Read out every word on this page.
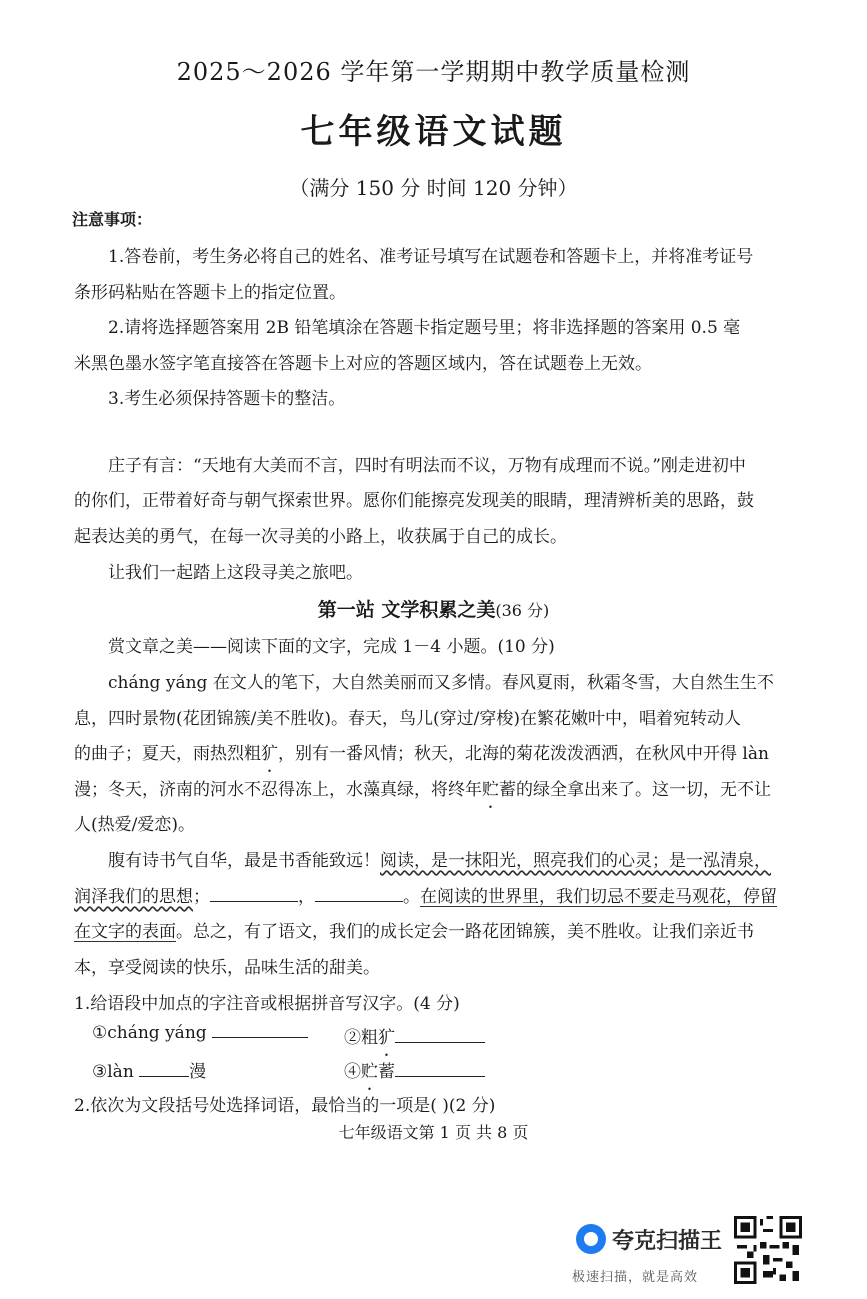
2025～2026 学年第一学期期中教学质量检测
七年级语文试题
（满分 150 分 时间 120 分钟）
注意事项：
1.答卷前，考生务必将自己的姓名、准考证号填写在试题卷和答题卡上，并将准考证号
条形码粘贴在答题卡上的指定位置。
2.请将选择题答案用 2B 铅笔填涂在答题卡指定题号里；将非选择题的答案用 0.5 毫
米黑色墨水签字笔直接答在答题卡上对应的答题区域内，答在试题卷上无效。
3.考生必须保持答题卡的整洁。
庄子有言：“天地有大美而不言，四时有明法而不议，万物有成理而不说。”刚走进初中
的你们，正带着好奇与朝气探索世界。愿你们能擦亮发现美的眼睛，理清辨析美的思路，鼓
起表达美的勇气，在每一次寻美的小路上，收获属于自己的成长。
让我们一起踏上这段寻美之旅吧。
第一站 文学积累之美(36 分)
赏文章之美——阅读下面的文字，完成 1－4 小题。(10 分)
cháng yáng 在文人的笔下，大自然美丽而又多情。春风夏雨，秋霜冬雪，大自然生生不
息，四时景物(花团锦簇/美不胜收)。春天，鸟儿(穿过/穿梭)在繁花嫩叶中，唱着宛转动人
的曲子；夏天，雨热烈粗犷，别有一番风情；秋天，北海的菊花泼泼洒洒，在秋风中开得 làn
漫；冬天，济南的河水不忍得冻上，水藻真绿，将终年贮蓄的绿全拿出来了。这一切，无不让
人(热爱/爱恋)。
腹有诗书气自华，最是书香能致远！阅读，是一抹阳光，照亮我们的心灵；是一泓清泉，
润泽我们的思想；	，	。在阅读的世界里，我们切忌不要走马观花，停留
在文字的表面。总之，有了语文，我们的成长定会一路花团锦簇，美不胜收。让我们亲近书
本，享受阅读的快乐，品味生活的甜美。
1.给语段中加点的字注音或根据拼音写汉字。(4 分)
①cháng yáng	②粗犷
③làn	漫	④贮蓄
2.依次为文段括号处选择词语，最恰当的一项是( )(2 分)
七年级语文第 1 页 共 8 页
夸克扫描王
极速扫描，就是高效
